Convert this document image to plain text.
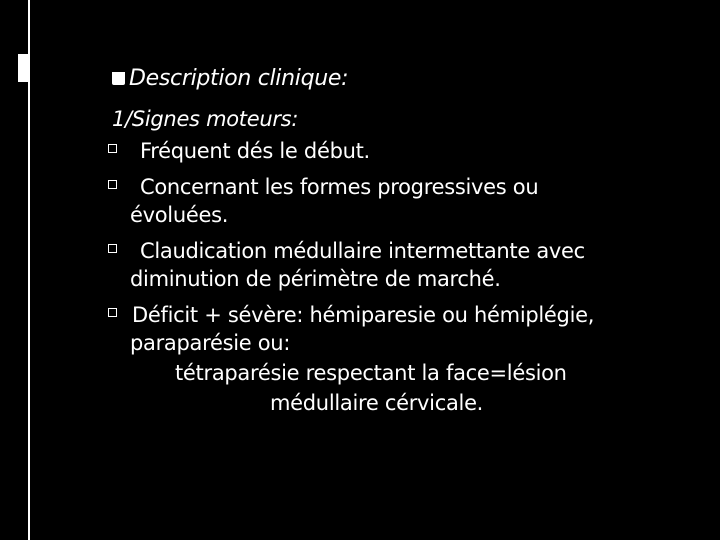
Description clinique:
1/Signes moteurs:
Fréquent dés le début.
Concernant les formes progressives ou
évoluées.
Claudication médullaire intermettante avec
diminution de périmètre de marché.
Déficit + sévère: hémiparesie ou hémiplégie,
paraparésie ou:
tétraparésie respectant la face=lésion
médullaire cérvicale.
